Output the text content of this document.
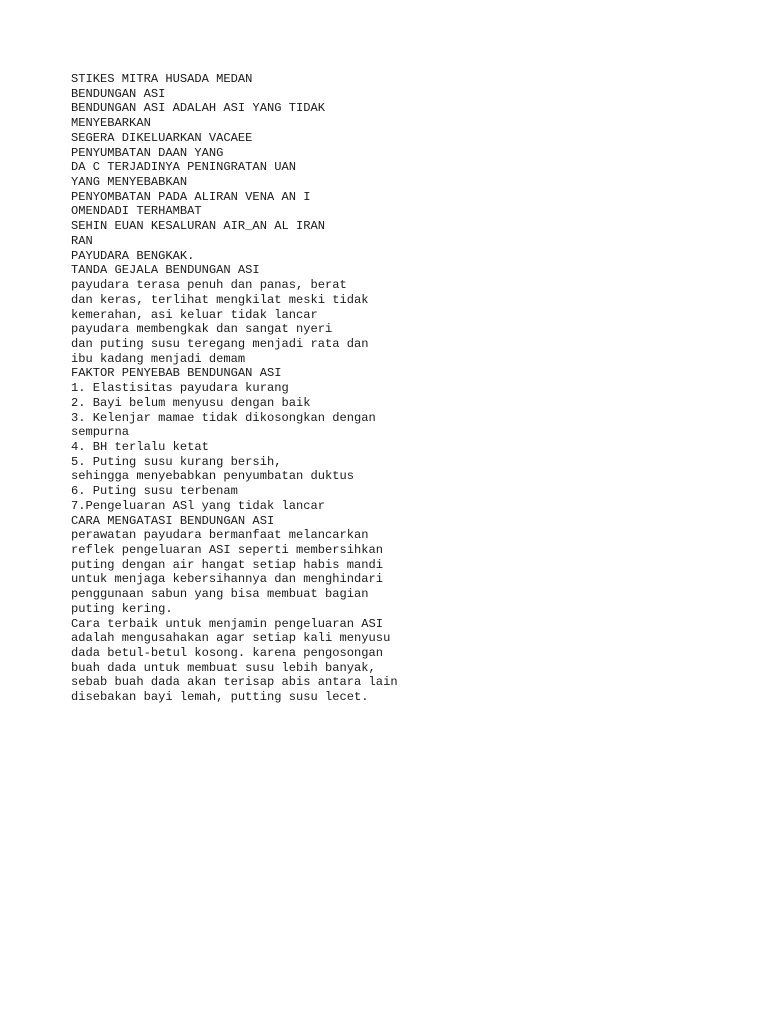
STIKES MITRA HUSADA MEDAN
BENDUNGAN ASI
BENDUNGAN ASI ADALAH ASI YANG TIDAK
MENYEBARKAN
SEGERA DIKELUARKAN VACAEE
PENYUMBATAN DAAN YANG
DA C TERJADINYA PENINGRATAN UAN
YANG MENYEBABKAN
PENYOMBATAN PADA ALIRAN VENA AN I
OMENDADI TERHAMBAT
SEHIN EUAN KESALURAN AIR_AN AL IRAN
RAN
PAYUDARA BENGKAK.
TANDA GEJALA BENDUNGAN ASI
payudara terasa penuh dan panas, berat
dan keras, terlihat mengkilat meski tidak
kemerahan, asi keluar tidak lancar
payudara membengkak dan sangat nyeri
dan puting susu teregang menjadi rata dan
ibu kadang menjadi demam
FAKTOR PENYEBAB BENDUNGAN ASI
1. Elastisitas payudara kurang
2. Bayi belum menyusu dengan baik
3. Kelenjar mamae tidak dikosongkan dengan
sempurna
4. BH terlalu ketat
5. Puting susu kurang bersih,
sehingga menyebabkan penyumbatan duktus
6. Puting susu terbenam
7.Pengeluaran ASl yang tidak lancar
CARA MENGATASI BENDUNGAN ASI
perawatan payudara bermanfaat melancarkan
reflek pengeluaran ASI seperti membersihkan
puting dengan air hangat setiap habis mandi
untuk menjaga kebersihannya dan menghindari
penggunaan sabun yang bisa membuat bagian
puting kering.
Cara terbaik untuk menjamin pengeluaran ASI
adalah mengusahakan agar setiap kali menyusu
dada betul-betul kosong. karena pengosongan
buah dada untuk membuat susu lebih banyak,
sebab buah dada akan terisap abis antara lain
disebakan bayi lemah, putting susu lecet.
